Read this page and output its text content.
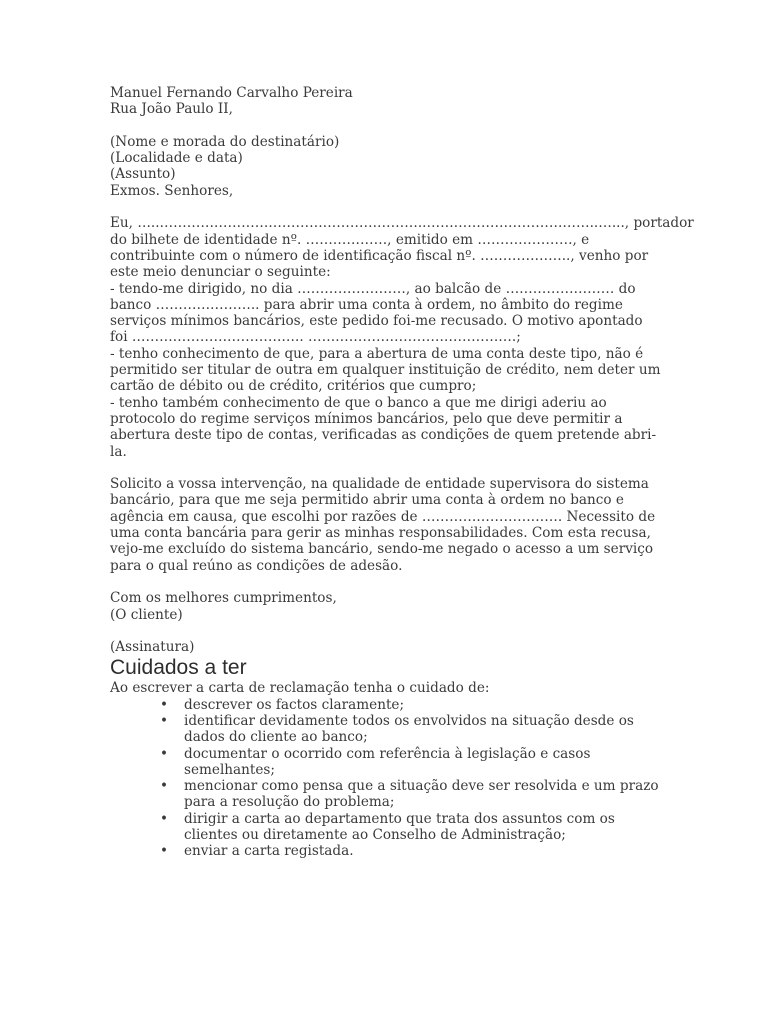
Manuel Fernando Carvalho Pereira
Rua João Paulo II,
(Nome e morada do destinatário)
(Localidade e data)
(Assunto)
Exmos. Senhores,
Eu, …..…………………………………………………..………………………………..…..., portador
do bilhete de identidade nº. ………………, emitido em …………………, e
contribuinte com o número de identificação fiscal nº. ……………….., venho por
este meio denunciar o seguinte:
- tendo-me dirigido, no dia ……………………, ao balcão de …………………… do
banco ………………….. para abrir uma conta à ordem, no âmbito do regime
serviços mínimos bancários, este pedido foi-me recusado. O motivo apontado
foi ……………………………….. ……………………………………….;
- tenho conhecimento de que, para a abertura de uma conta deste tipo, não é
permitido ser titular de outra em qualquer instituição de crédito, nem deter um
cartão de débito ou de crédito, critérios que cumpro;
- tenho também conhecimento de que o banco a que me dirigi aderiu ao
protocolo do regime serviços mínimos bancários, pelo que deve permitir a
abertura deste tipo de contas, verificadas as condições de quem pretende abri-
la.
Solicito a vossa intervenção, na qualidade de entidade supervisora do sistema
bancário, para que me seja permitido abrir uma conta à ordem no banco e
agência em causa, que escolhi por razões de …………………………. Necessito de
uma conta bancária para gerir as minhas responsabilidades. Com esta recusa,
vejo-me excluído do sistema bancário, sendo-me negado o acesso a um serviço
para o qual reúno as condições de adesão.
Com os melhores cumprimentos,
(O cliente)
(Assinatura)
Cuidados a ter
Ao escrever a carta de reclamação tenha o cuidado de:
• descrever os factos claramente;
• identificar devidamente todos os envolvidos na situação desde os
dados do cliente ao banco;
• documentar o ocorrido com referência à legislação e casos
semelhantes;
• mencionar como pensa que a situação deve ser resolvida e um prazo
para a resolução do problema;
• dirigir a carta ao departamento que trata dos assuntos com os
clientes ou diretamente ao Conselho de Administração;
• enviar a carta registada.
